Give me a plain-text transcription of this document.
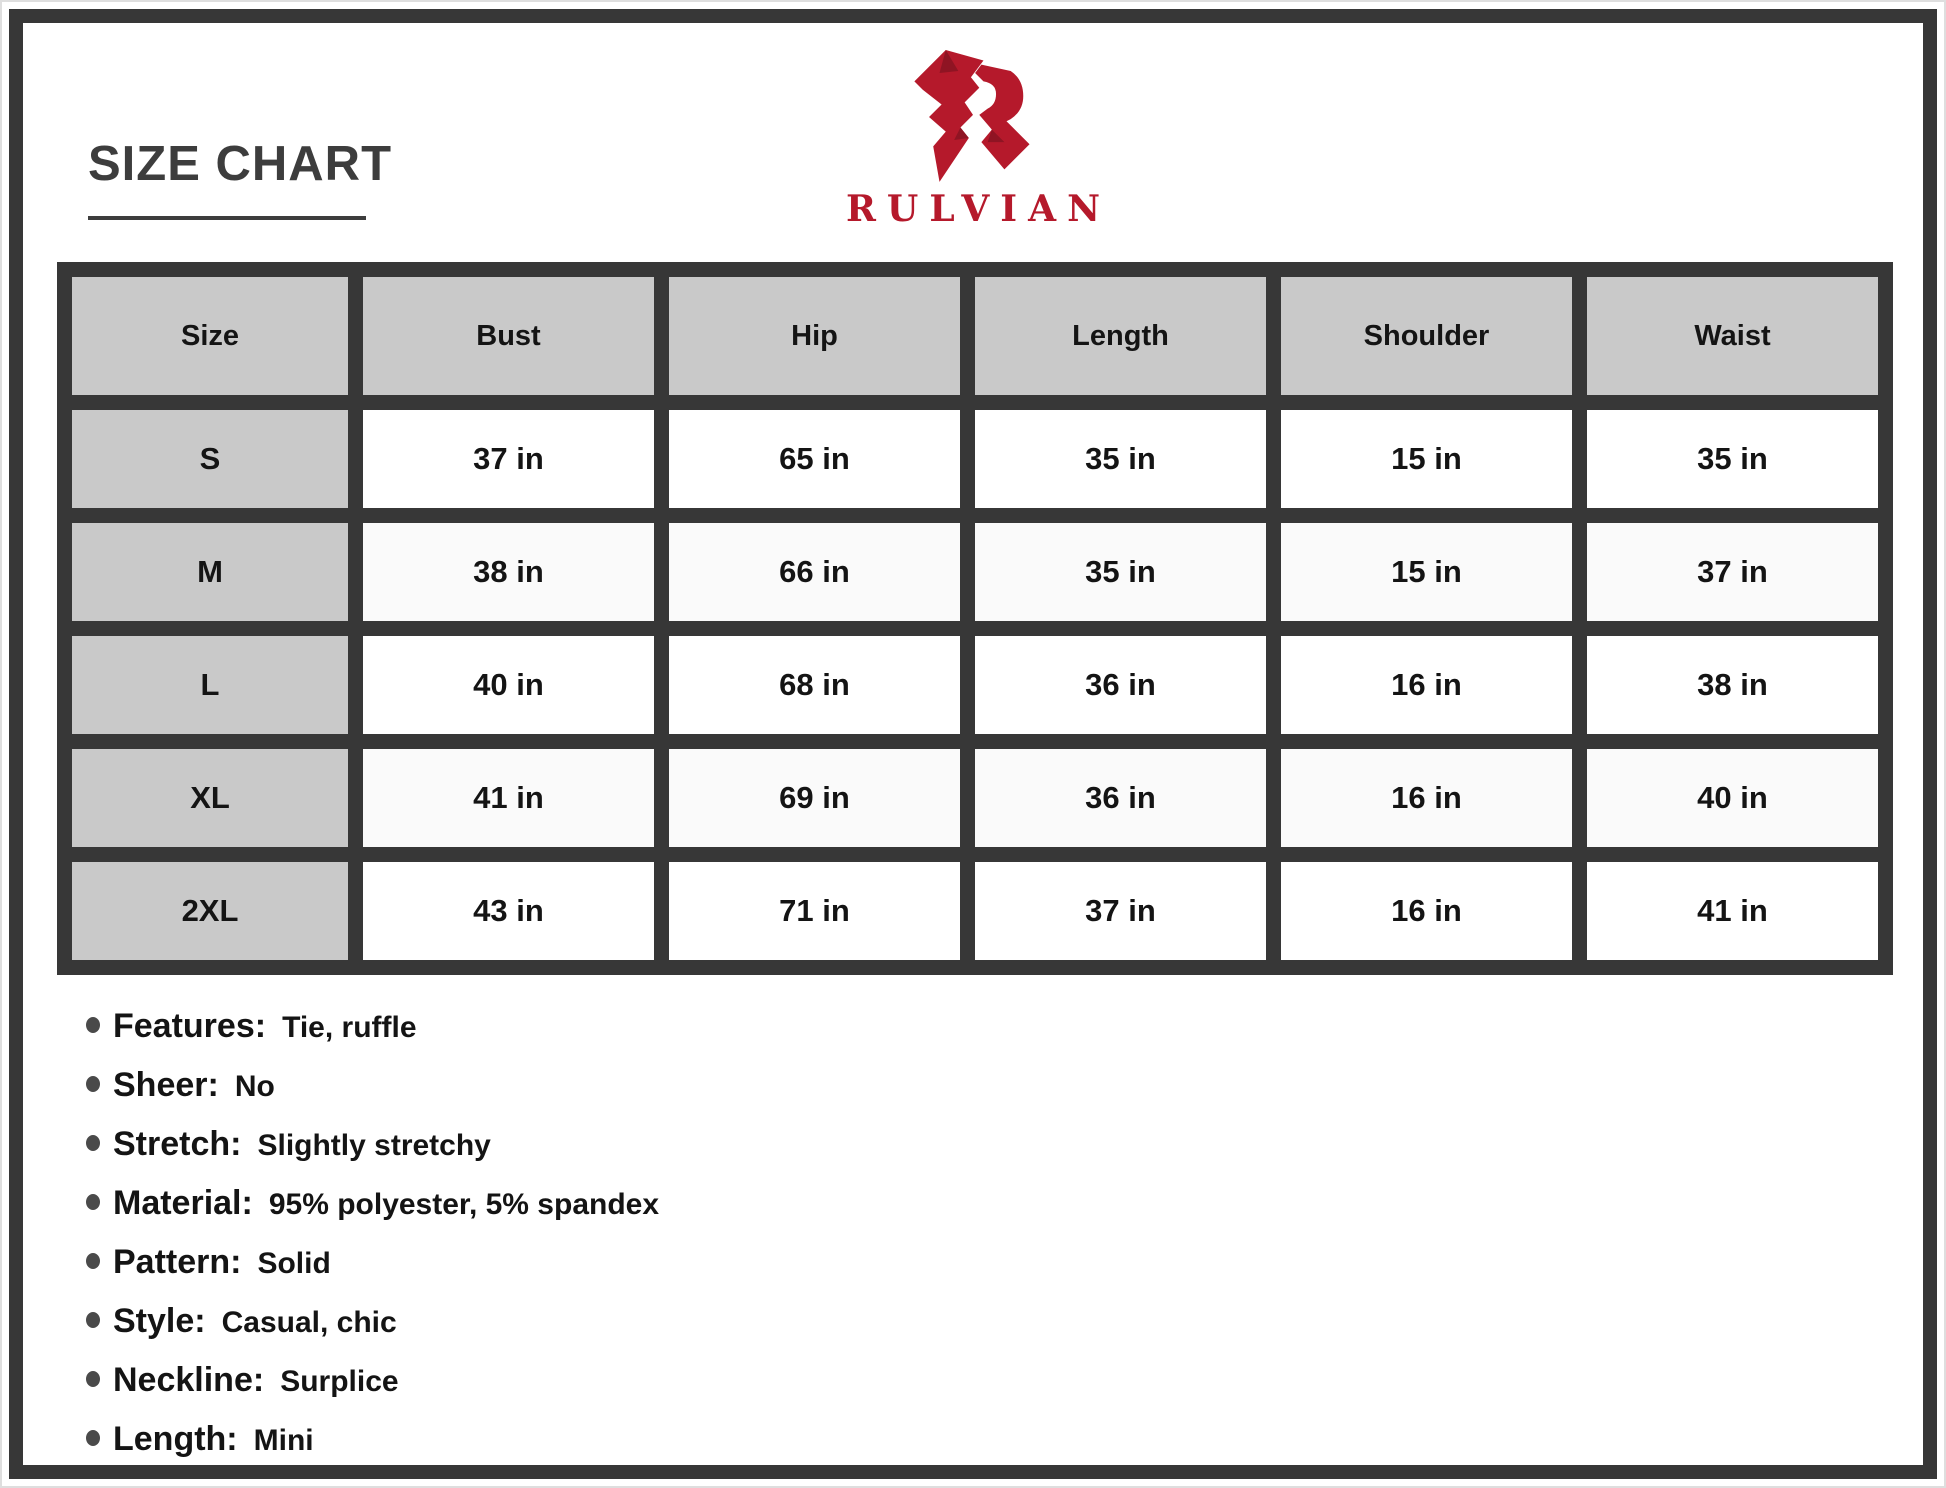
SIZE CHART
RULVIAN
Size	Bust	Hip	Length	Shoulder	Waist
S	37 in	65 in	35 in	15 in	35 in
M	38 in	66 in	35 in	15 in	37 in
L	40 in	68 in	36 in	16 in	38 in
XL	41 in	69 in	36 in	16 in	40 in
2XL	43 in	71 in	37 in	16 in	41 in
Features: Tie, ruffle
Sheer: No
Stretch: Slightly stretchy
Material: 95% polyester, 5% spandex
Pattern: Solid
Style: Casual, chic
Neckline: Surplice
Length: Mini
